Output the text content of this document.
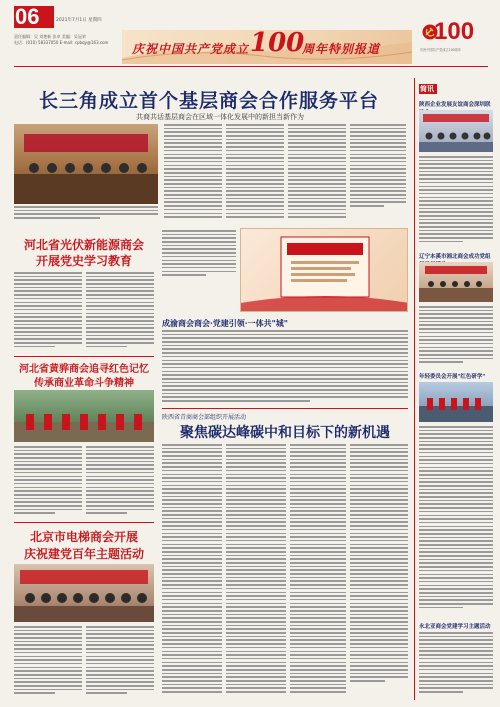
06	2021年7月1日 星期四
责任编辑：吴 刘艳新 张卓 美编：吴冠荣
电话：(010) 58337050 E-mail: cpbqy@163.com 庆祝中国共产党成立 100
周年特别报道
100
庆祝中国共产党成立100周年
长三角成立首个基层商会合作服务平台
共商共话基层商会在区域一体化发展中的新担当新作为
河北省光伏新能源商会
开展党史学习教育
河北省黄骅商会追寻红色记忆
传承商业革命斗争精神
北京市电梯商会开展
庆祝建党百年主题活动
成渝商会商会·党建引领·一体共"城"
陕西省青商商会部组织开展活动
聚焦碳达峰碳中和目标下的新机遇
简讯
陕西企业发展友谊商会深圳联
辽宁本溪市湘北商会成功党组
年轻委员会开展"红色研学"
永北亚商会党建学习主题活动
